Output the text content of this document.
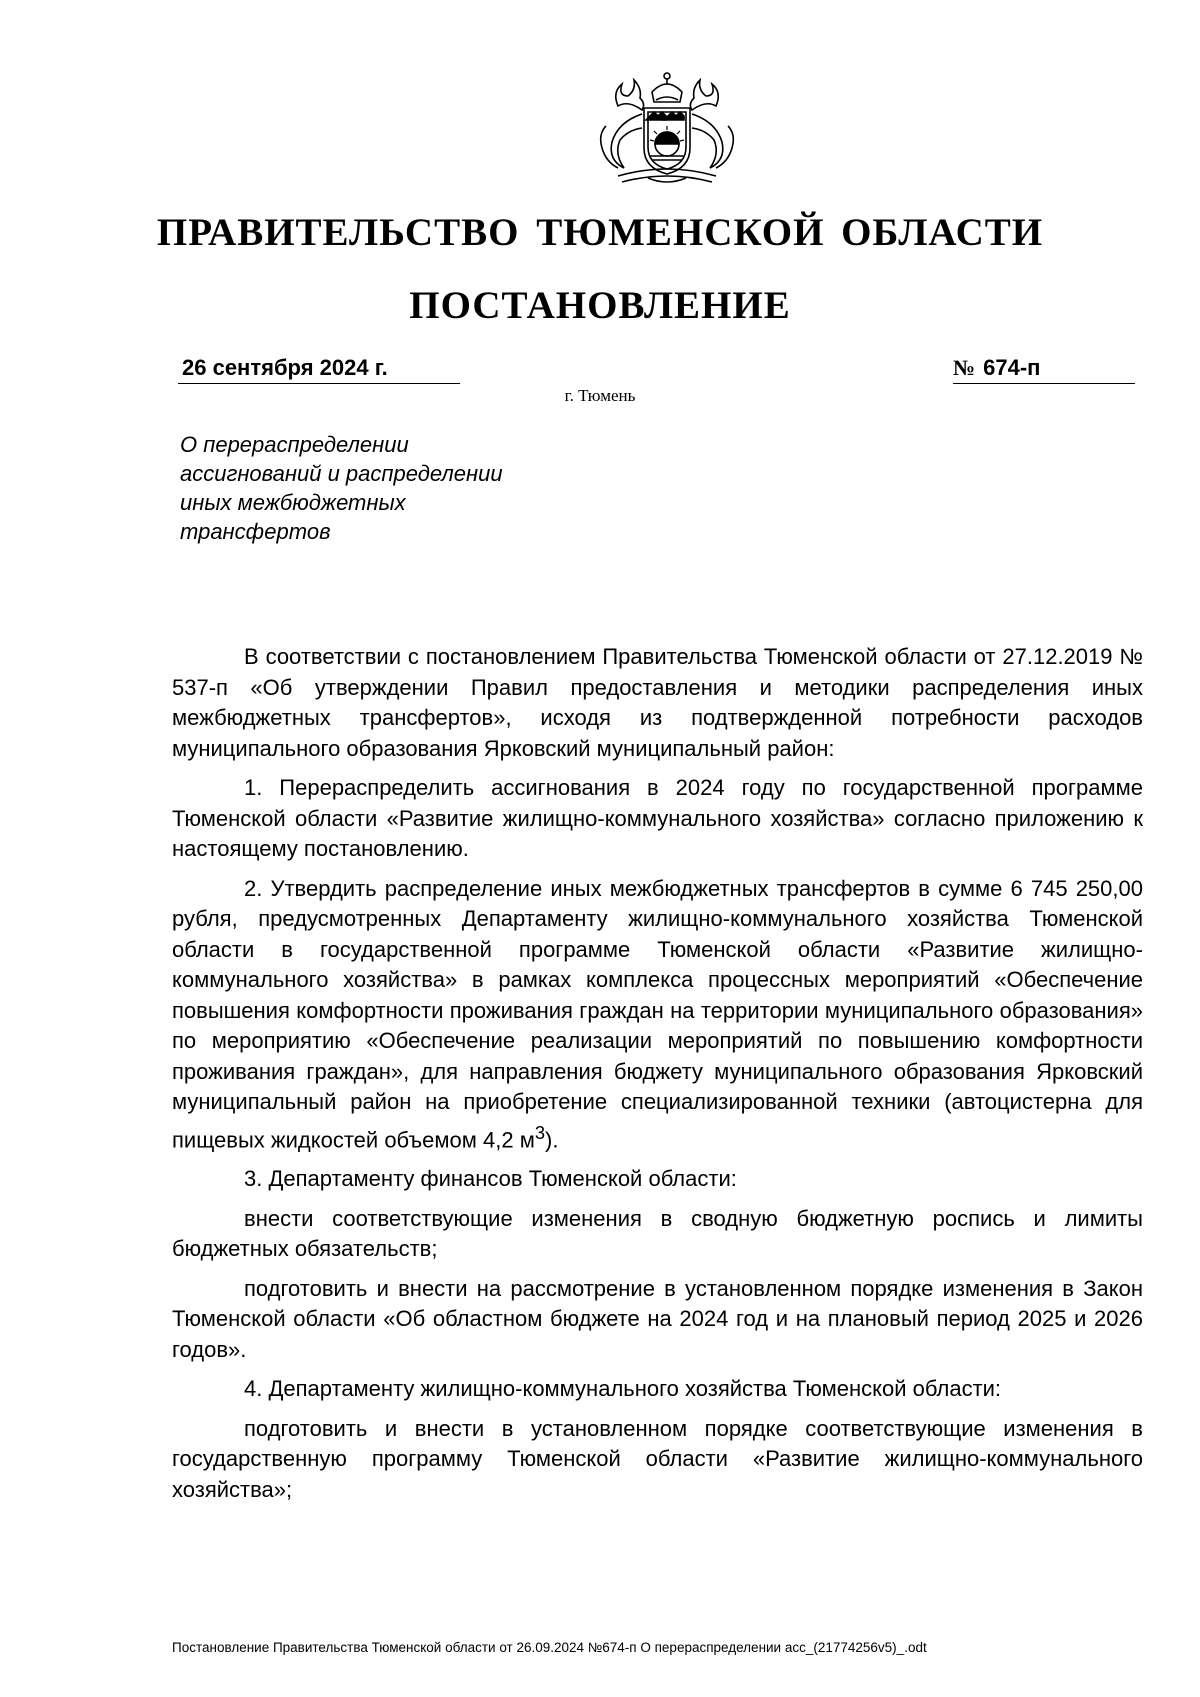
ПРАВИТЕЛЬСТВО ТЮМЕНСКОЙ ОБЛАСТИ
ПОСТАНОВЛЕНИЕ
26 сентября 2024 г.	№ 674-п
г. Тюмень
О перераспределении
ассигнований и распределении
иных межбюджетных
трансфертов

В соответствии с постановлением Правительства Тюменской области от 27.12.2019 № 537-п «Об утверждении Правил предоставления и методики распределения иных межбюджетных трансфертов», исходя из подтвержденной потребности расходов муниципального образования Ярковский муниципальный район:

1. Перераспределить ассигнования в 2024 году по государственной программе Тюменской области «Развитие жилищно-коммунального хозяйства» согласно приложению к настоящему постановлению.

2. Утвердить распределение иных межбюджетных трансфертов в сумме 6 745 250,00 рубля, предусмотренных Департаменту жилищно-коммунального хозяйства Тюменской области в государственной программе Тюменской области «Развитие жилищно-коммунального хозяйства» в рамках комплекса процессных мероприятий «Обеспечение повышения комфортности проживания граждан на территории муниципального образования» по мероприятию «Обеспечение реализации мероприятий по повышению комфортности проживания граждан», для направления бюджету муниципального образования Ярковский муниципальный район на приобретение специализированной техники (автоцистерна для пищевых жидкостей объемом 4,2 $м^3$).

3. Департаменту финансов Тюменской области:

внести соответствующие изменения в сводную бюджетную роспись и лимиты бюджетных обязательств;

подготовить и внести на рассмотрение в установленном порядке изменения в Закон Тюменской области «Об областном бюджете на 2024 год и на плановый период 2025 и 2026 годов».

4. Департаменту жилищно-коммунального хозяйства Тюменской области:

подготовить и внести в установленном порядке соответствующие изменения в государственную программу Тюменской области «Развитие жилищно-коммунального хозяйства»;

Постановление Правительства Тюменской области от 26.09.2024 №674-п О перераспределении асс_(21774256v5)_.odt
